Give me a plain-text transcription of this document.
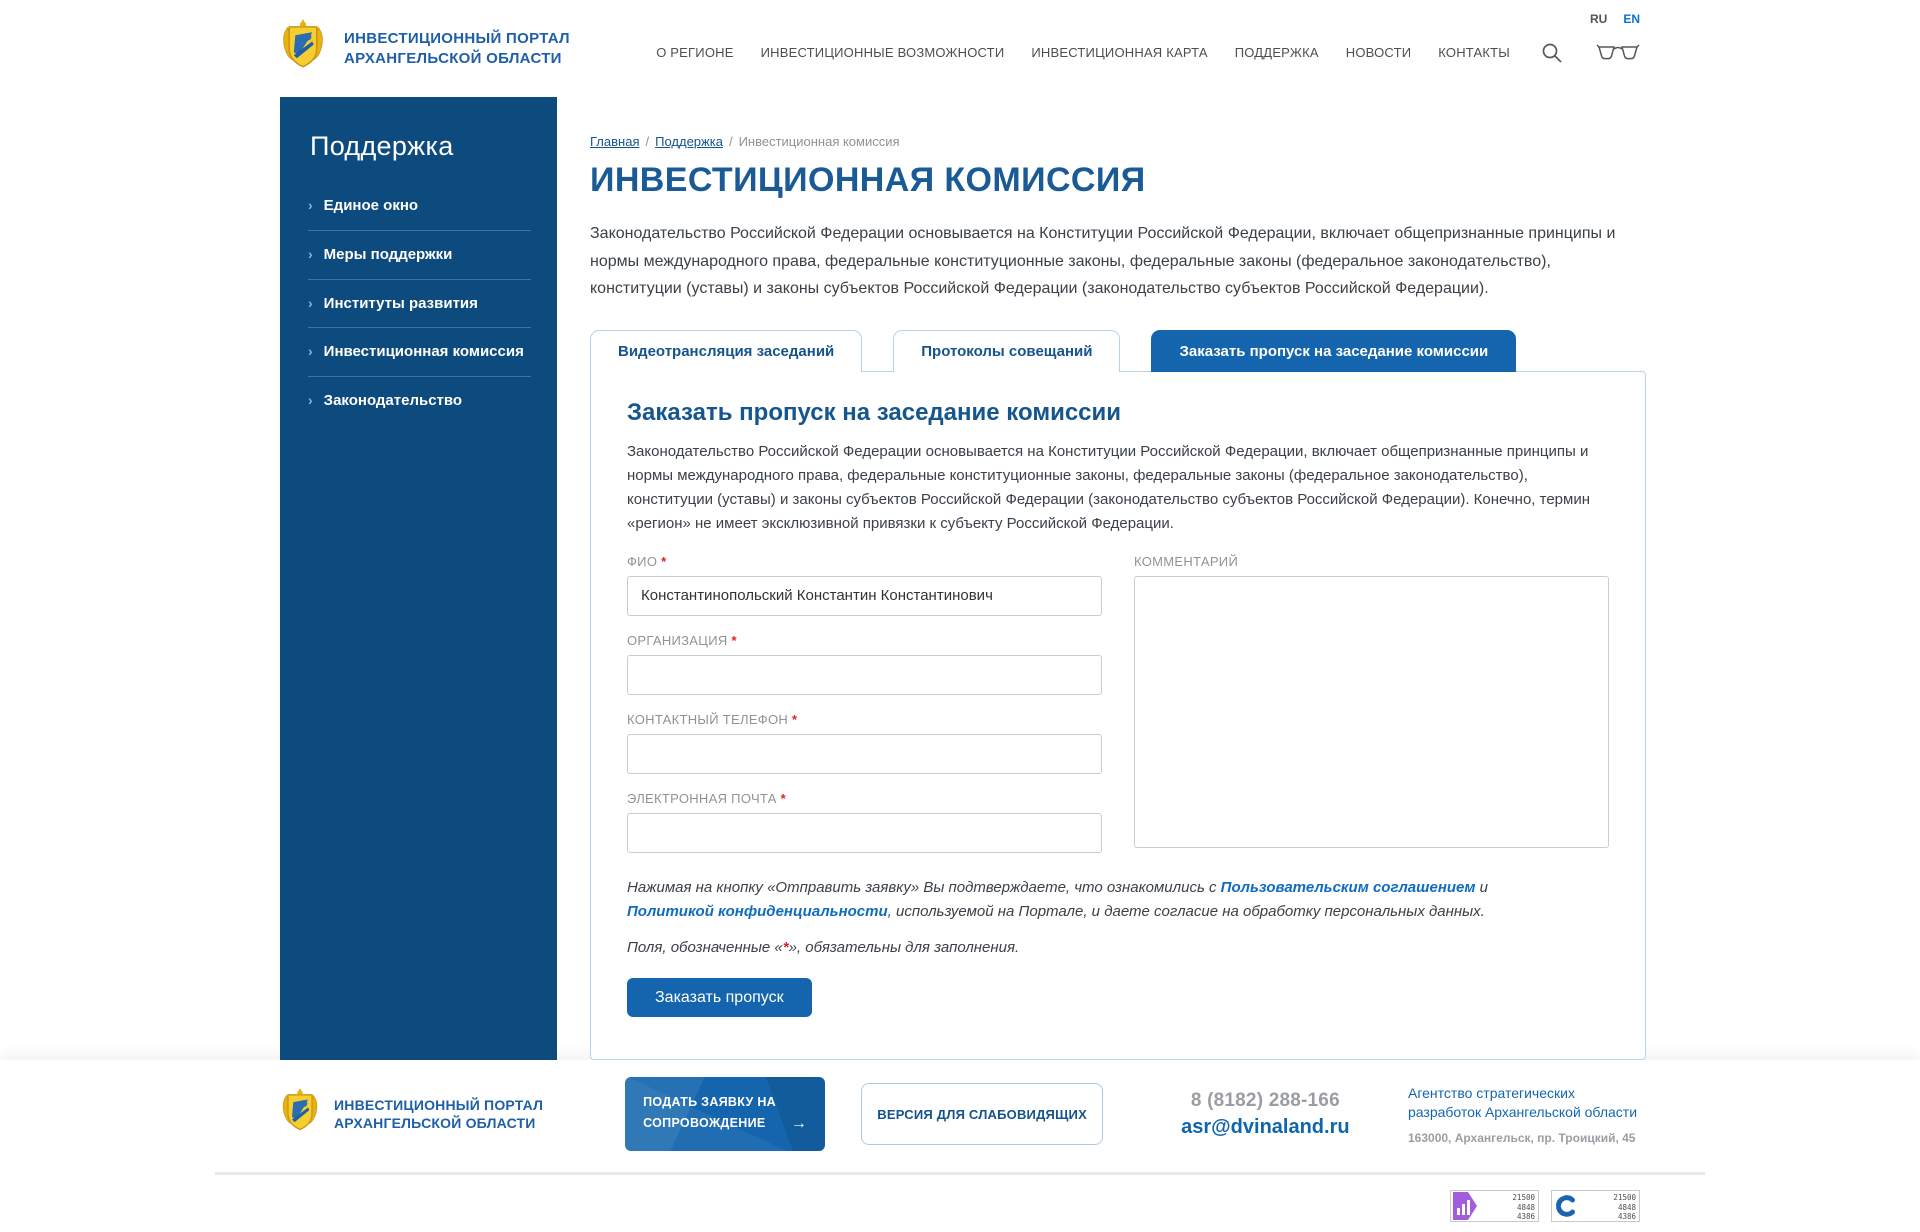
ИНВЕСТИЦИОННЫЙ ПОРТАЛ
АРХАНГЕЛЬСКОЙ ОБЛАСТИ
RU EN
О РЕГИОНЕ ИНВЕСТИЦИОННЫЕ ВОЗМОЖНОСТИ ИНВЕСТИЦИОННАЯ КАРТА ПОДДЕРЖКА НОВОСТИ КОНТАКТЫ
Поддержка
› Единое окно
› Меры поддержки
› Институты развития
› Инвестиционная комиссия
› Законодательство
Главная / Поддержка / Инвестиционная комиссия
ИНВЕСТИЦИОННАЯ КОМИССИЯ

Законодательство Российской Федерации основывается на Конституции Российской Федерации, включает общепризнанные принципы и нормы международного права, федеральные конституционные законы, федеральные законы (федеральное законодательство), конституции (уставы) и законы субъектов Российской Федерации (законодательство субъектов Российской Федерации).

Видеотрансляция заседаний	Протоколы совещаний	Заказать пропуск на заседание комиссии
Заказать пропуск на заседание комиссии

Законодательство Российской Федерации основывается на Конституции Российской Федерации, включает общепризнанные принципы и нормы международного права, федеральные конституционные законы, федеральные законы (федеральное законодательство), конституции (уставы) и законы субъектов Российской Федерации (законодательство субъектов Российской Федерации). Конечно, термин «регион» не имеет эксклюзивной привязки к субъекту Российской Федерации.

ФИО *
Константинопольский Константин Константинович
ОРГАНИЗАЦИЯ *
КОНТАКТНЫЙ ТЕЛЕФОН *
ЭЛЕКТРОННАЯ ПОЧТА *
КОММЕНТАРИЙ

Нажимая на кнопку «Отправить заявку» Вы подтверждаете, что ознакомились с Пользовательским соглашением и Политикой конфиденциальности, используемой на Портале, и даете согласие на обработку персональных данных.

Поля, обозначенные «*», обязательны для заполнения.

Заказать пропуск
ИНВЕСТИЦИОННЫЙ ПОРТАЛ
АРХАНГЕЛЬСКОЙ ОБЛАСТИ
ПОДАТЬ ЗАЯВКУ НА
СОПРОВОЖДЕНИЕ →
ВЕРСИЯ ДЛЯ СЛАБОВИДЯЩИХ
8 (8182) 288-166
asr@dvinaland.ru
Агентство стратегических разработок Архангельской области
163000, Архангельск, пр. Троицкий, 45
21500
4848
4386
21500
4848
4386
